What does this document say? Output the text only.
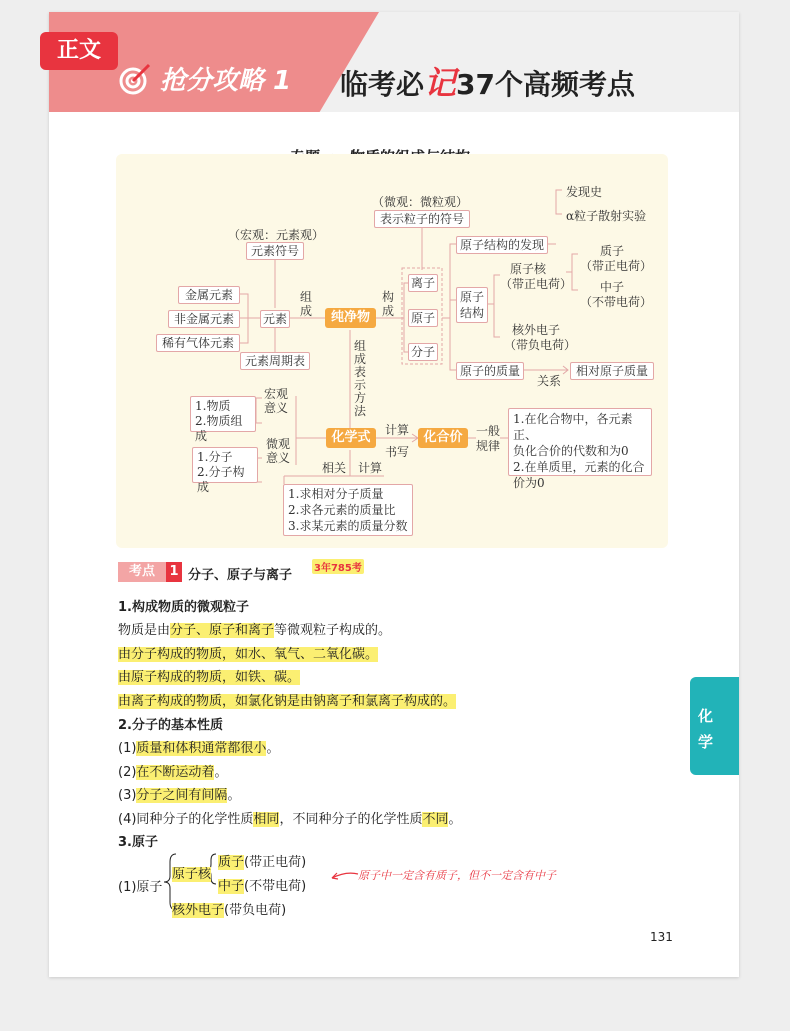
正文
抢分攻略 1 临考必记37个高频考点
（宏观：元素观）
元素符号
金属元素
非金属元素
稀有气体元素
元素
元素周期表
组成	纯净物
构成
离子
原子
分子
（微观：微粒观）
表示粒子的符号
原子结构的发现
发现史
α粒子散射实验
原子结构
原子核
（带正电荷）
质子
（带正电荷）
中子
（不带电荷）
核外电子
（带负电荷）
原子的质量
关系
相对原子质量
组成表示方法
宏观意义
1.物质
2.物质组成
微观意义
1.分子
2.分子构成
化学式	计算
书写
化合价	一般规律
1.在化合物中，各元素正、
负化合价的代数和为0
2.在单质里，元素的化合
价为0
相关　计算
1.求相对分子质量
2.求各元素的质量比
3.求某元素的质量分数
考点	1 分子、原子与离子 3年785考
1.构成物质的微观粒子
物质是由分子、原子和离子等微观粒子构成的。
由分子构成的物质，如水、氧气、二氧化碳。
由原子构成的物质，如铁、碳。
由离子构成的物质，如氯化钠是由钠离子和氯离子构成的。
2.分子的基本性质
(1)质量和体积通常都很小。
(2)在不断运动着。
(3)分子之间有间隔。
(4)同种分子的化学性质相同，不同种分子的化学性质不同。
3.原子
(1)原子
原子核
质子(带正电荷)
中子(不带电荷)
核外电子(带负电荷)
原子中一定含有质子，但不一定含有中子
化
学
131
